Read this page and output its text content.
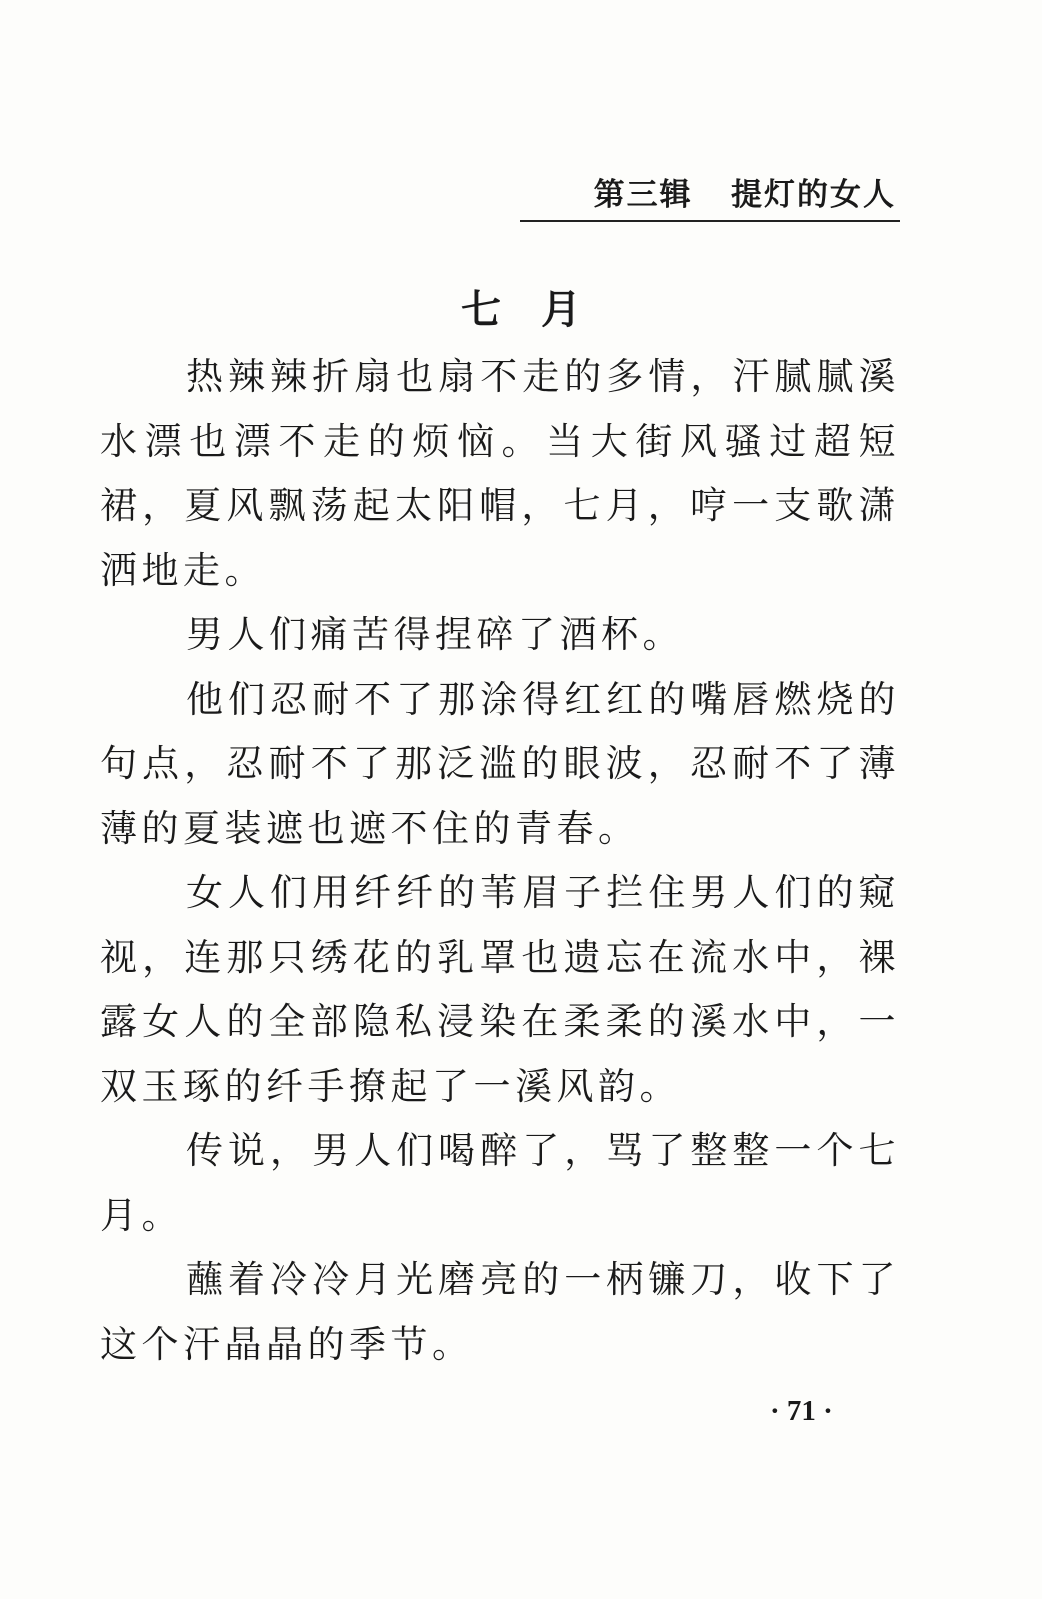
第三辑   提灯的女人
七　月

热辣辣折扇也扇不走的多情，汗腻腻溪水漂也漂不走的烦恼。当大街风骚过超短裙，夏风飘荡起太阳帽，七月，哼一支歌潇洒地走。

男人们痛苦得捏碎了酒杯。

他们忍耐不了那涂得红红的嘴唇燃烧的句点，忍耐不了那泛滥的眼波，忍耐不了薄薄的夏装遮也遮不住的青春。

女人们用纤纤的苇眉子拦住男人们的窥视，连那只绣花的乳罩也遗忘在流水中，裸露女人的全部隐私浸染在柔柔的溪水中，一双玉琢的纤手撩起了一溪风韵。

传说，男人们喝醉了，骂了整整一个七月。

蘸着冷冷月光磨亮的一柄镰刀，收下了这个汗晶晶的季节。

· 71 ·
